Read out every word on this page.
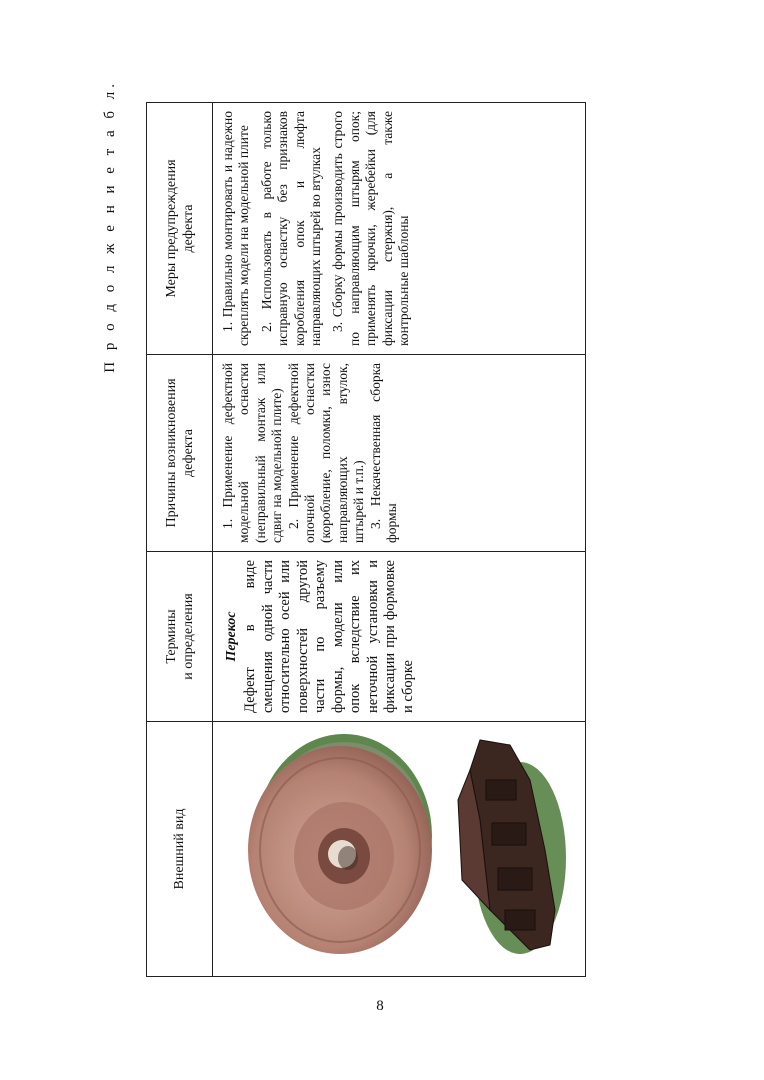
П р о д о л ж е н и е т а б л.
Внешний вид
Термины
и определения
Причины возникновения
дефекта
Меры предупреждения
дефекта
Перекос Дефект в виде смещения одной части относительно осей или поверхностей другой части по разъему формы, модели или опок вследствие их неточной установки и фиксации при формовке и сборке

1. Применение дефектной модельной оснастки (неправильный монтаж или сдвиг на модельной плите) 2. Применение дефектной опочной оснастки (коробление, поломки, износ направляющих втулок, штырей и т.п.) 3. Некачественная сборка формы

1. Правильно монтировать и надежно скреплять модели на модельной плите 2. Использовать в работе только исправную оснастку без признаков коробления опок и люфта направляющих штырей во втулках 3. Сборку формы производить строго по направляющим штырям опок; применять крючки, жеребейки (для фиксации стержня), а также контрольные шаблоны

8
